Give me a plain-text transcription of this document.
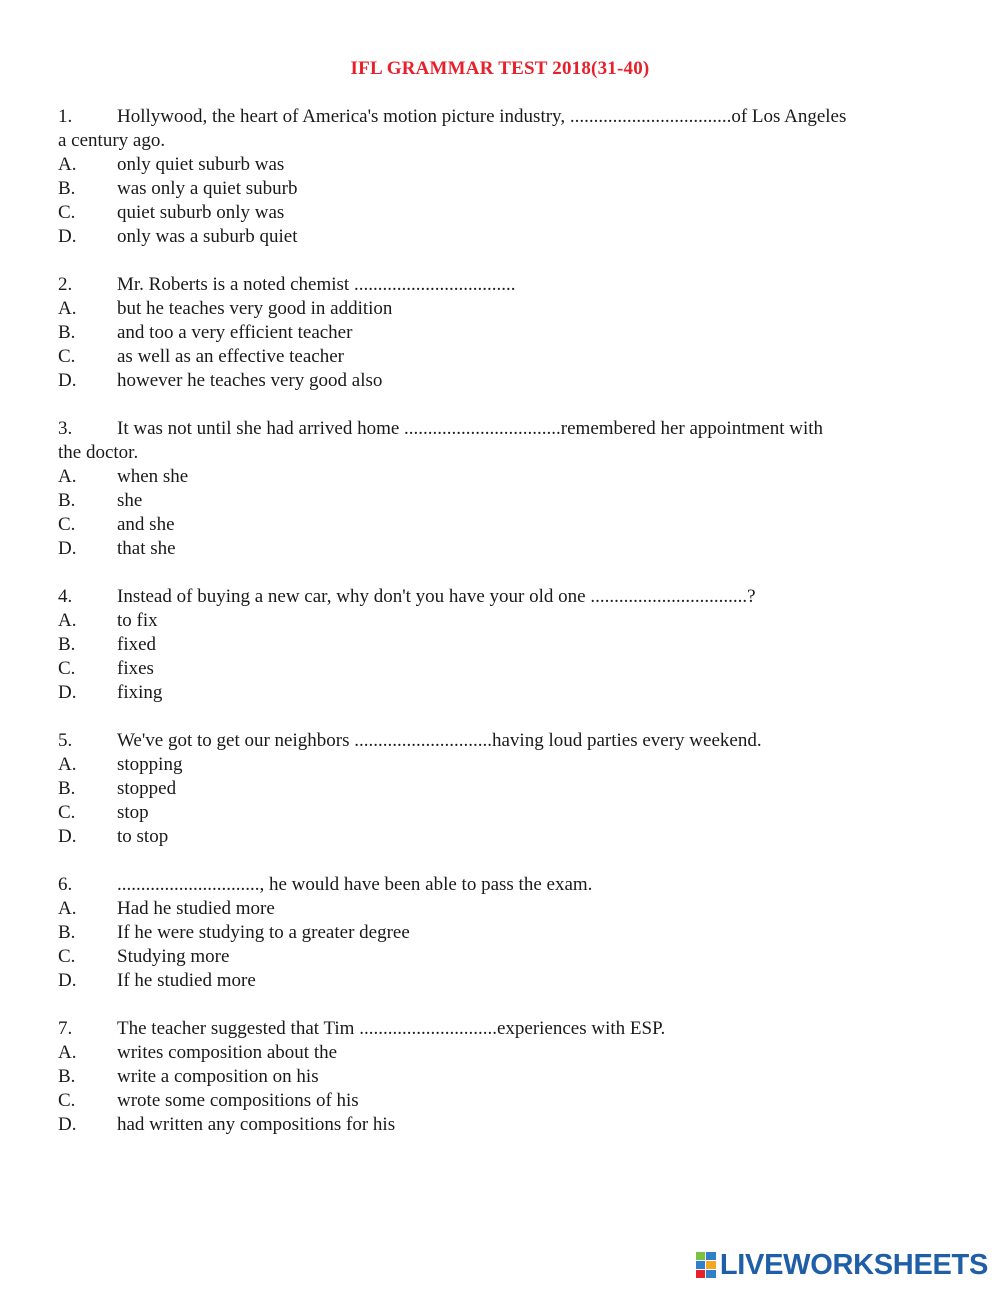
IFL GRAMMAR TEST 2018(31-40)
1. Hollywood, the heart of America's motion picture industry, ..................................of Los Angeles
a century ago.
A.	only quiet suburb was
B.	was only a quiet suburb
C.	quiet suburb only was
D.	only was a suburb quiet
2. Mr. Roberts is a noted chemist ..................................
A.	but he teaches very good in addition
B.	and too a very efficient teacher
C.	as well as an effective teacher
D.	however he teaches very good also
3. It was not until she had arrived home .................................remembered her appointment with
the doctor.
A.	when she
B.	she
C.	and she
D.	that she
4. Instead of buying a new car, why don't you have your old one .................................?
A.	to fix
B.	fixed
C.	fixes
D.	fixing
5. We've got to get our neighbors .............................having loud parties every weekend.
A.	stopping
B.	stopped
C.	stop
D.	to stop
6. .............................., he would have been able to pass the exam.
A.	Had he studied more
B.	If he were studying to a greater degree
C.	Studying more
D.	If he studied more
7. The teacher suggested that Tim .............................experiences with ESP.
A.	writes composition about the
B.	write a composition on his
C.	wrote some compositions of his
D.	had written any compositions for his
LIVEWORKSHEETS
